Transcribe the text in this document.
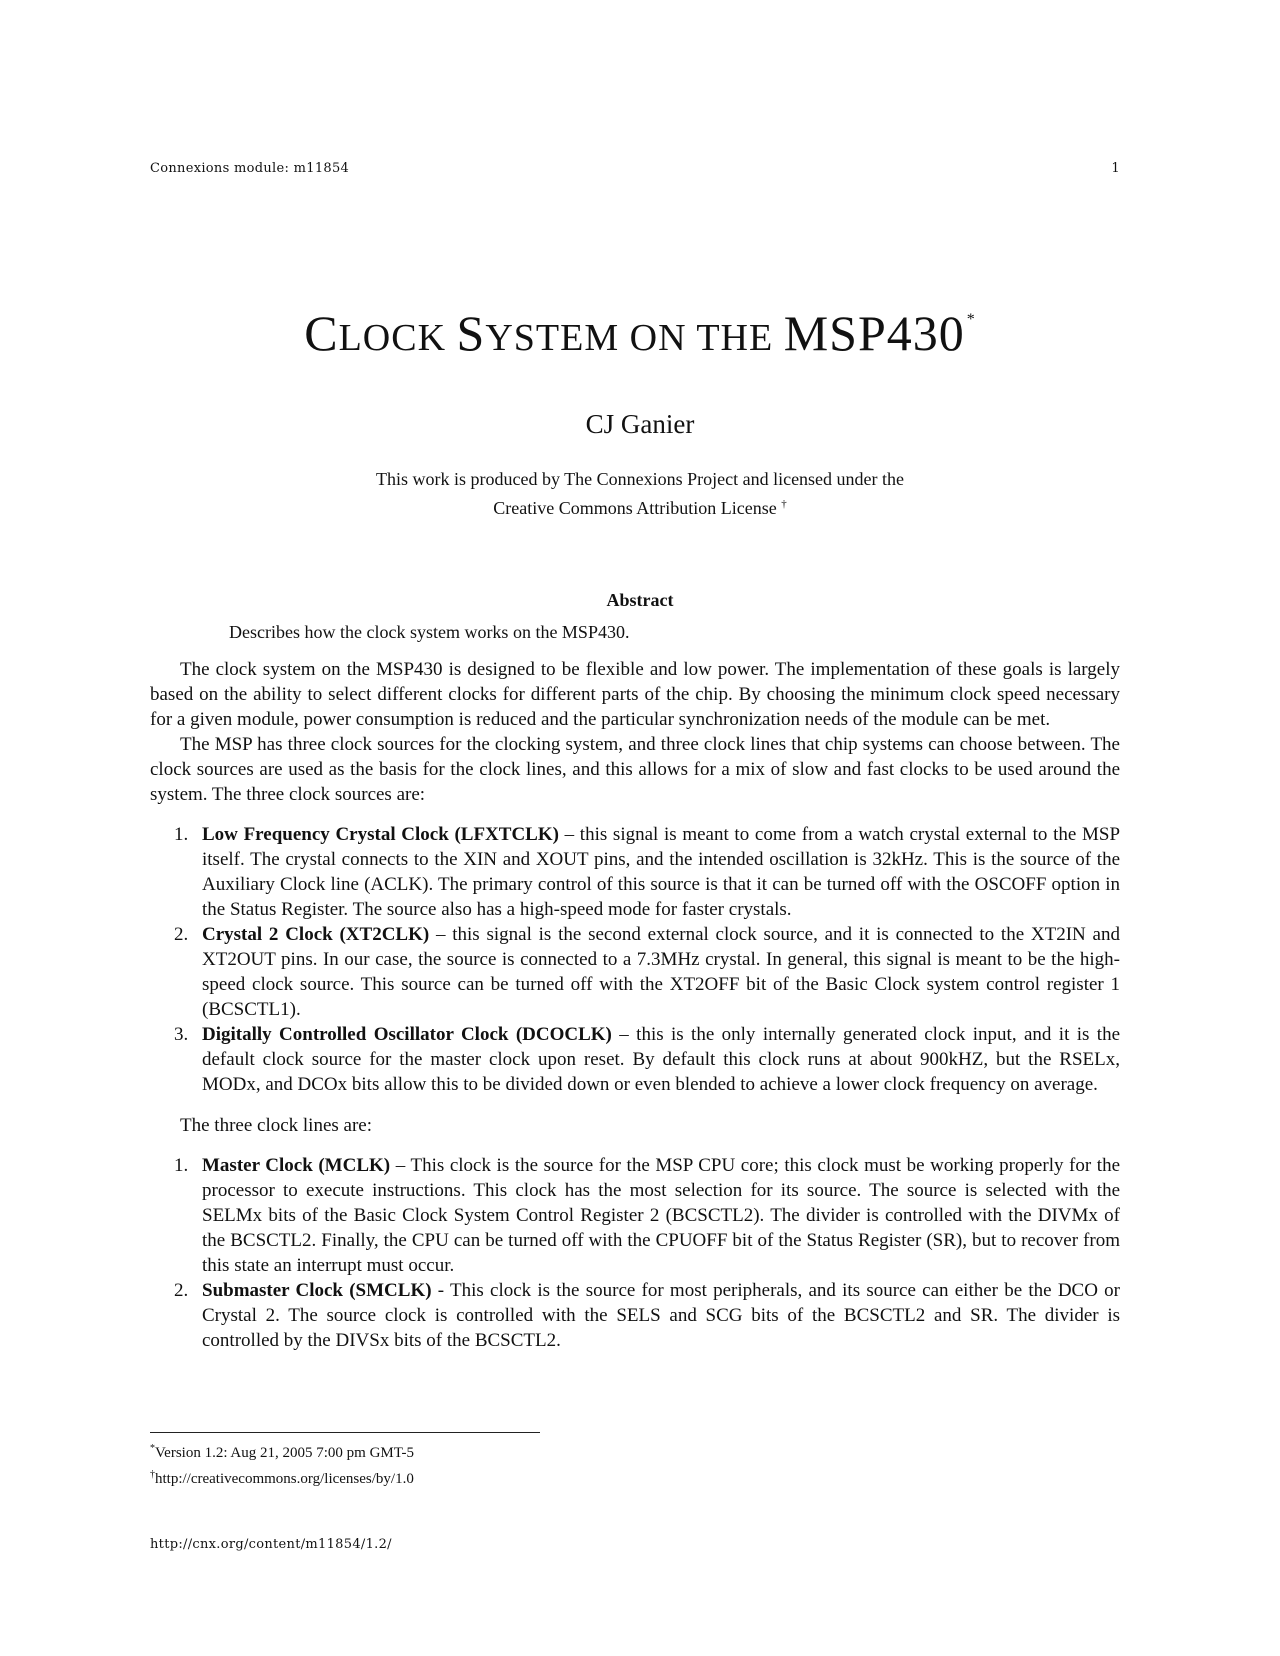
Connexions module: m11854	1
CLOCK SYSTEM ON THE MSP430 *
CJ Ganier
This work is produced by The Connexions Project and licensed under the
Creative Commons Attribution License †
Abstract
Describes how the clock system works on the MSP430.

The clock system on the MSP430 is designed to be flexible and low power. The implementation of these goals is largely based on the ability to select different clocks for different parts of the chip. By choosing the minimum clock speed necessary for a given module, power consumption is reduced and the particular synchronization needs of the module can be met.

The MSP has three clock sources for the clocking system, and three clock lines that chip systems can choose between. The clock sources are used as the basis for the clock lines, and this allows for a mix of slow and fast clocks to be used around the system. The three clock sources are:

1. Low Frequency Crystal Clock (LFXTCLK) – this signal is meant to come from a watch crystal external to the MSP itself. The crystal connects to the XIN and XOUT pins, and the intended oscillation is 32kHz. This is the source of the Auxiliary Clock line (ACLK). The primary control of this source is that it can be turned off with the OSCOFF option in the Status Register. The source also has a high-speed mode for faster crystals.
2. Crystal 2 Clock (XT2CLK) – this signal is the second external clock source, and it is connected to the XT2IN and XT2OUT pins. In our case, the source is connected to a 7.3MHz crystal. In general, this signal is meant to be the high-speed clock source. This source can be turned off with the XT2OFF bit of the Basic Clock system control register 1 (BCSCTL1).
3. Digitally Controlled Oscillator Clock (DCOCLK) – this is the only internally generated clock input, and it is the default clock source for the master clock upon reset. By default this clock runs at about 900kHZ, but the RSELx, MODx, and DCOx bits allow this to be divided down or even blended to achieve a lower clock frequency on average.

The three clock lines are:

1. Master Clock (MCLK) – This clock is the source for the MSP CPU core; this clock must be working properly for the processor to execute instructions. This clock has the most selection for its source. The source is selected with the SELMx bits of the Basic Clock System Control Register 2 (BCSCTL2). The divider is controlled with the DIVMx of the BCSCTL2. Finally, the CPU can be turned off with the CPUOFF bit of the Status Register (SR), but to recover from this state an interrupt must occur.
2. Submaster Clock (SMCLK) - This clock is the source for most peripherals, and its source can either be the DCO or Crystal 2. The source clock is controlled with the SELS and SCG bits of the BCSCTL2 and SR. The divider is controlled by the DIVSx bits of the BCSCTL2.
*Version 1.2: Aug 21, 2005 7:00 pm GMT-5
†http://creativecommons.org/licenses/by/1.0
http://cnx.org/content/m11854/1.2/
